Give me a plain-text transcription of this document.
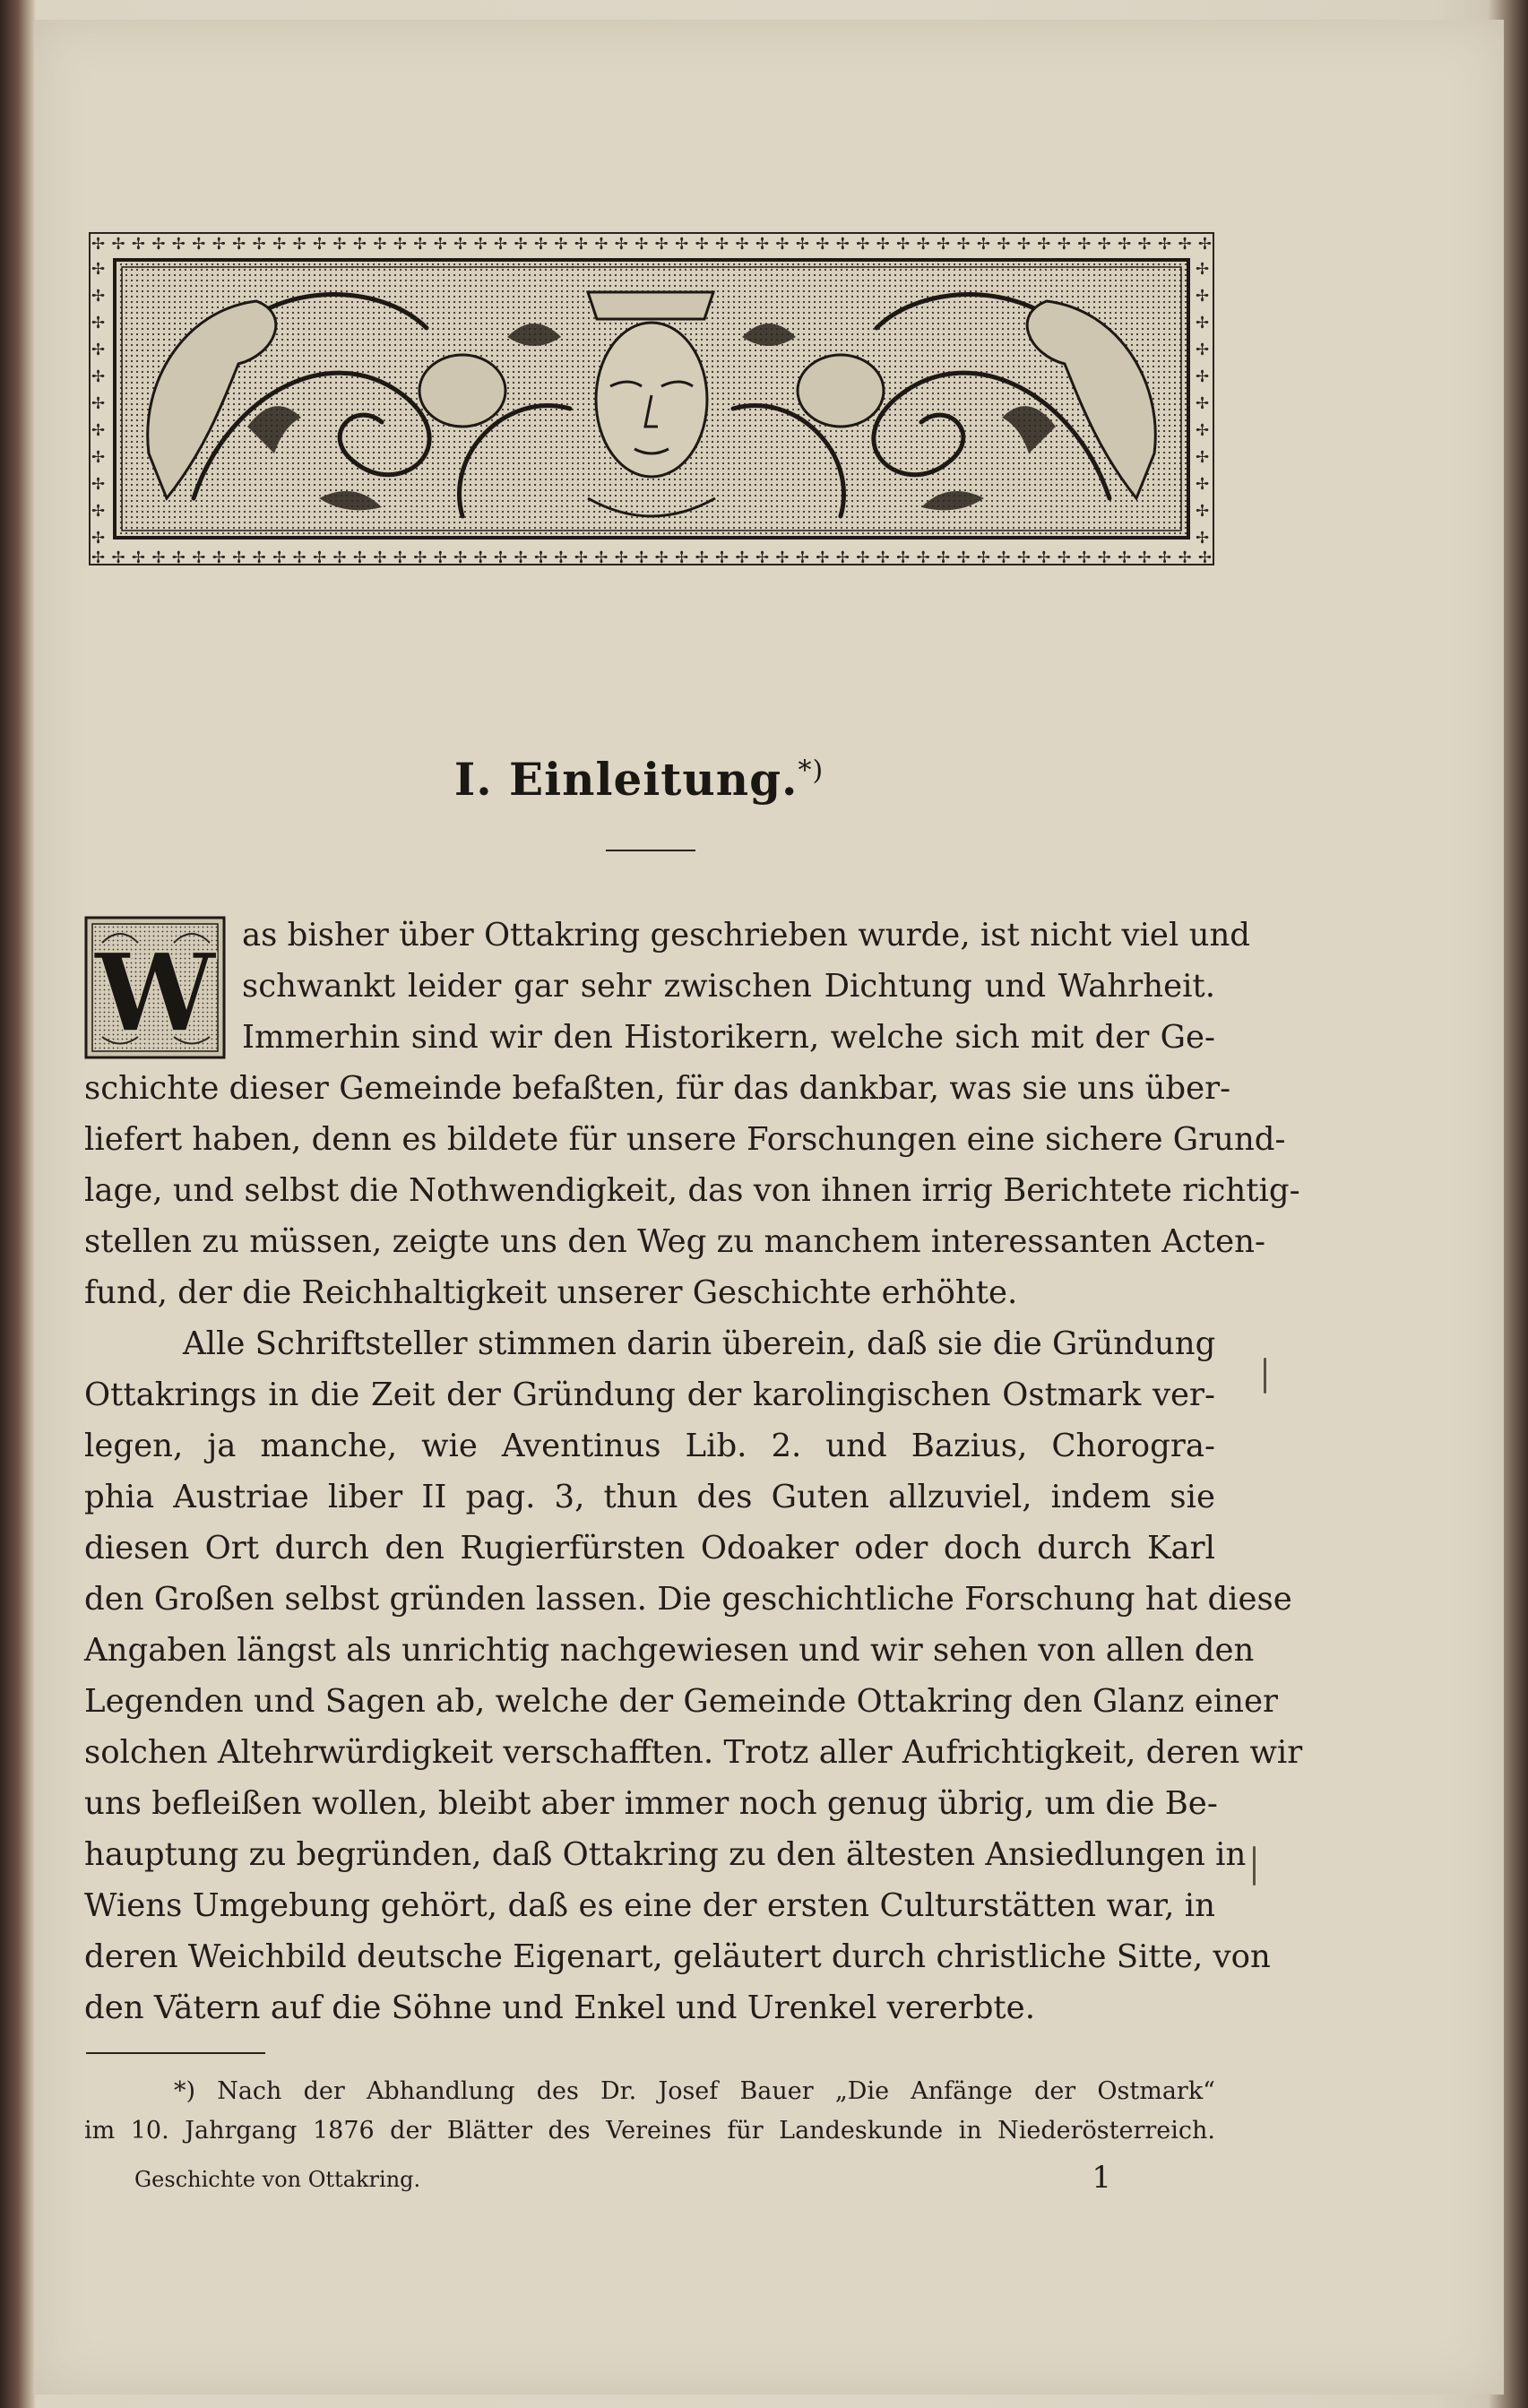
✢✢✢✢✢✢✢✢✢✢✢✢✢✢✢✢✢✢✢✢✢✢✢✢✢✢✢✢✢✢✢✢✢✢✢✢✢✢✢✢✢✢✢✢✢✢✢✢✢✢✢✢✢✢✢✢
✢✢✢✢✢✢✢✢✢✢✢✢✢✢✢✢✢✢✢✢✢✢✢✢✢✢✢✢✢✢✢✢✢✢✢✢✢✢✢✢✢✢✢✢✢✢✢✢✢✢✢✢✢✢✢✢
✢
✢
✢
✢
✢
✢
✢
✢
✢
✢
✢
✢
✢
✢
✢
✢
✢
✢
✢
✢
✢
✢
I. Einleitung.*)
W as bisher über Ottakring geschrieben wurde, ist nicht viel und
schwankt leider gar sehr zwischen Dichtung und Wahrheit.
Immerhin sind wir den Historikern, welche sich mit der Ge-
schichte dieser Gemeinde befaßten, für das dankbar, was sie uns über-
liefert haben, denn es bildete für unsere Forschungen eine sichere Grund-
lage, und selbst die Nothwendigkeit, das von ihnen irrig Berichtete richtig-
stellen zu müssen, zeigte uns den Weg zu manchem interessanten Acten-
fund, der die Reichhaltigkeit unserer Geschichte erhöhte.
Alle Schriftsteller stimmen darin überein, daß sie die Gründung
Ottakrings in die Zeit der Gründung der karolingischen Ostmark ver-
legen, ja manche, wie Aventinus Lib. 2. und Bazius, Chorogra-
phia Austriae liber II pag. 3, thun des Guten allzuviel, indem sie
diesen Ort durch den Rugierfürsten Odoaker oder doch durch Karl
den Großen selbst gründen lassen. Die geschichtliche Forschung hat diese
Angaben längst als unrichtig nachgewiesen und wir sehen von allen den
Legenden und Sagen ab, welche der Gemeinde Ottakring den Glanz einer
solchen Altehrwürdigkeit verschafften. Trotz aller Aufrichtigkeit, deren wir
uns befleißen wollen, bleibt aber immer noch genug übrig, um die Be-
hauptung zu begründen, daß Ottakring zu den ältesten Ansiedlungen in
Wiens Umgebung gehört, daß es eine der ersten Culturstätten war, in
deren Weichbild deutsche Eigenart, geläutert durch christliche Sitte, von
den Vätern auf die Söhne und Enkel und Urenkel vererbte.
*) Nach der Abhandlung des Dr. Josef Bauer „Die Anfänge der Ostmark“
im 10. Jahrgang 1876 der Blätter des Vereines für Landeskunde in Niederösterreich.
Geschichte von Ottakring.	1
